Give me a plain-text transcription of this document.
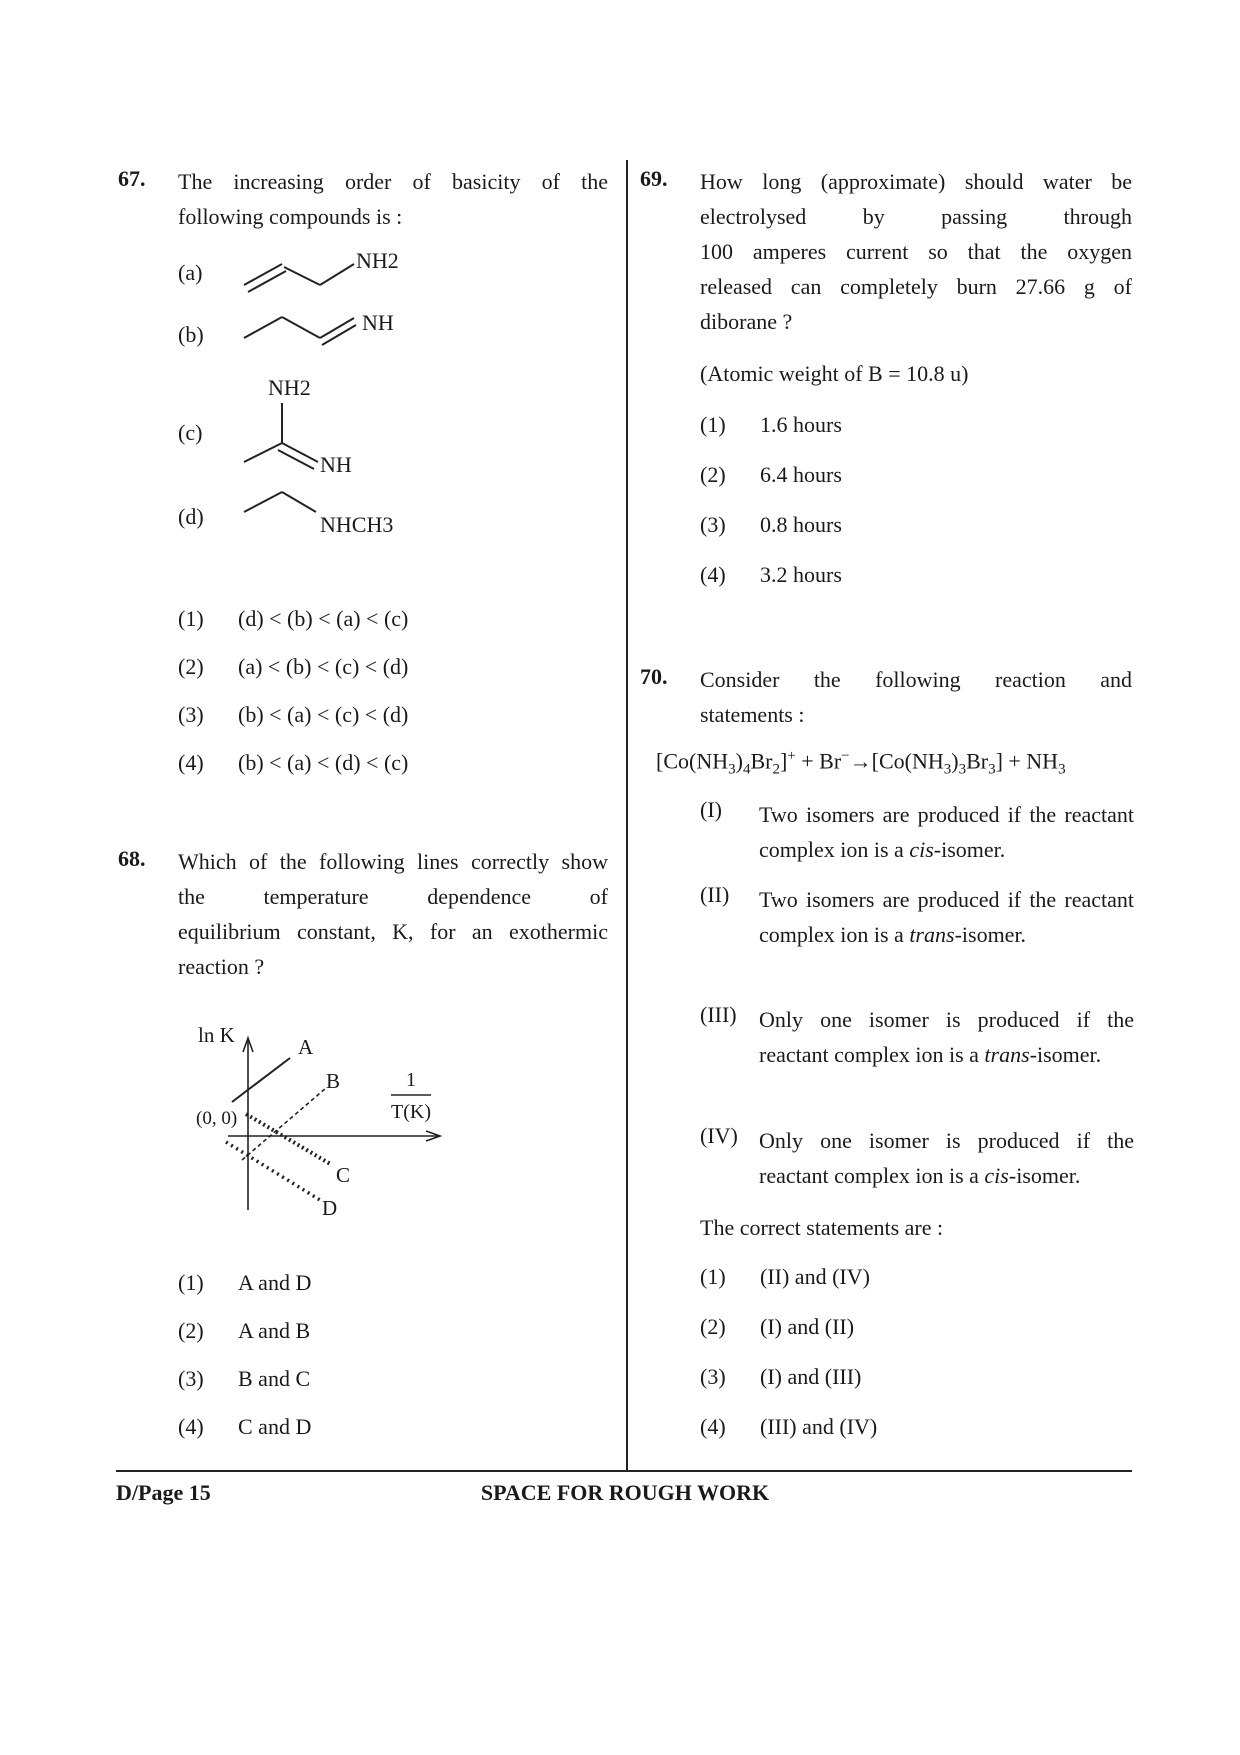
67. The increasing order of basicity of the
following compounds is :
(a)
(b)
(c)
(d)
NH2
NH
NH2
NH
NHCH3
(1) (d) < (b) < (a) < (c)
(2) (a) < (b) < (c) < (d)
(3) (b) < (a) < (c) < (d)
(4) (b) < (a) < (d) < (c)
68. Which of the following lines correctly show
the temperature dependence of
equilibrium constant, K, for an exothermic
reaction ?
ln K
1
T(K)
(0, 0)
A
B
C
D
(1) A and D
(2) A and B
(3) B and C
(4) C and D
69. How long (approximate) should water be
electrolysed by passing through
100 amperes current so that the oxygen
released can completely burn 27.66 g of
diborane ?
(Atomic weight of B = 10.8 u)
(1) 1.6 hours
(2) 6.4 hours
(3) 0.8 hours
(4) 3.2 hours
70. Consider the following reaction and
statements :
$[Co(NH_3)_4Br_2]^+ + Br^-\to[Co(NH_3)_3Br_3] + NH_3$
(I) Two isomers are produced if the reactant complex ion is a cis-isomer.
(II) Two isomers are produced if the reactant complex ion is a trans-isomer.
(III) Only one isomer is produced if the reactant complex ion is a trans-isomer.
(IV) Only one isomer is produced if the reactant complex ion is a cis-isomer.
The correct statements are :
(1) (II) and (IV)
(2) (I) and (II)
(3) (I) and (III)
(4) (III) and (IV)
D/Page 15	SPACE FOR ROUGH WORK
